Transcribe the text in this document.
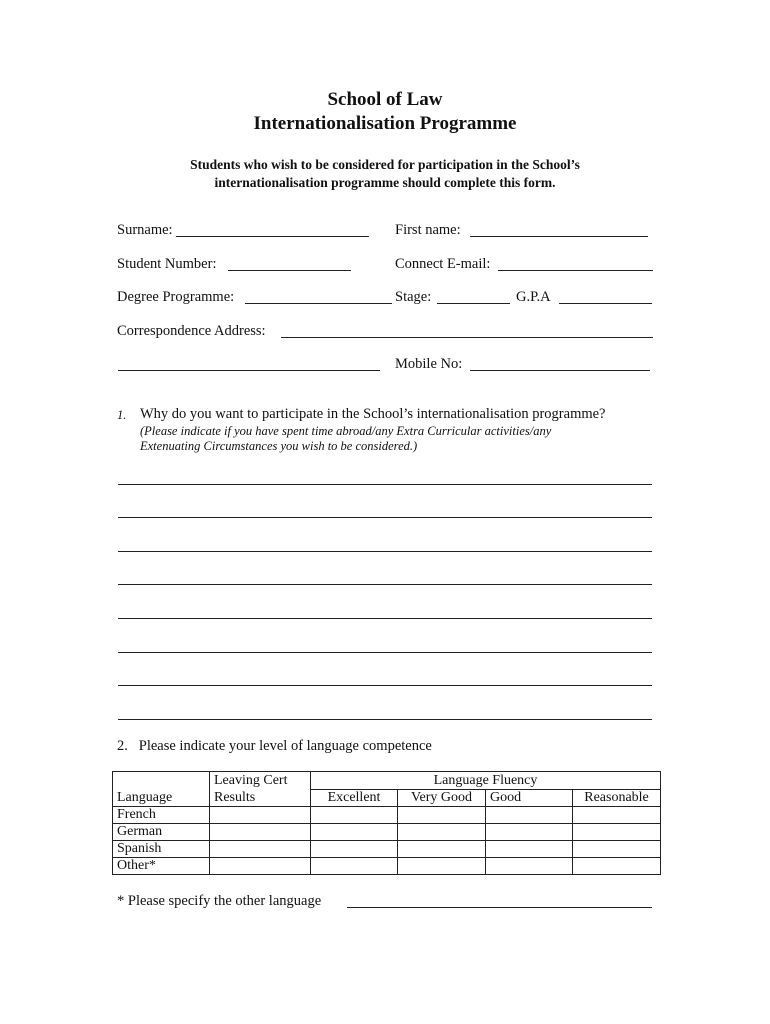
School of Law
Internationalisation Programme
Students who wish to be considered for participation in the School’s
internationalisation programme should complete this form.
Surname:	First name:
Student Number:	Connect E-mail:
Degree Programme:	Stage:	G.P.A
Correspondence Address:
Mobile No:
1. Why do you want to participate in the School’s internationalisation programme?
(Please indicate if you have spent time abroad/any Extra Curricular activities/any
Extenuating Circumstances you wish to be considered.)
2.   Please indicate your level of language competence
Language	Leaving Cert	Language Fluency			
	Results	Excellent	Very Good	Good	Reasonable
French					
German					
Spanish					
Other*					
* Please specify the other language
